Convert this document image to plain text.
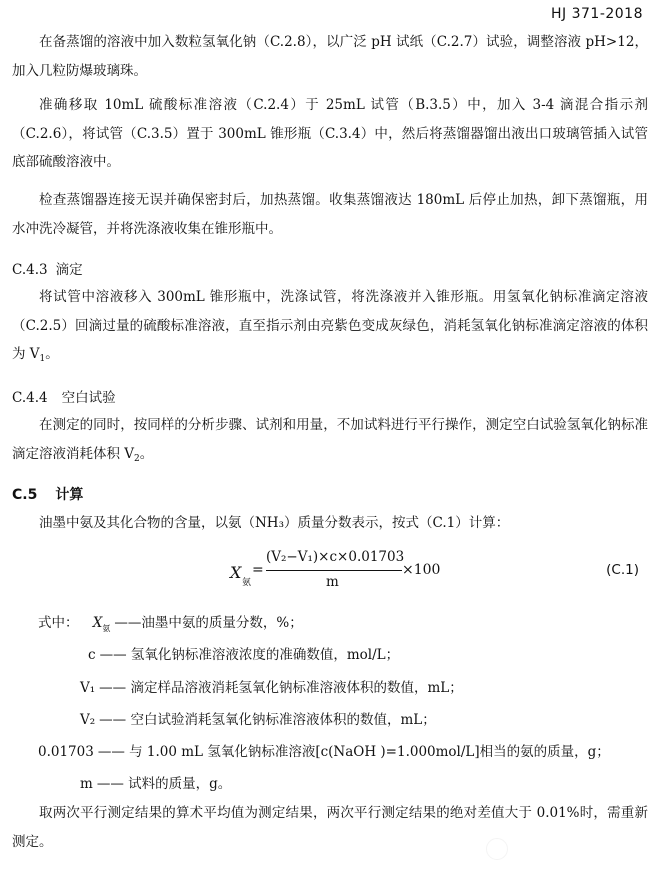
HJ 371-2018
在备蒸馏的溶液中加入数粒氢氧化钠（C.2.8），以广泛 pH 试纸（C.2.7）试验，调整溶液 pH>12，加入几粒防爆玻璃珠。
准确移取 10mL 硫酸标准溶液（C.2.4）于 25mL 试管（B.3.5）中，加入 3-4 滴混合指示剂（C.2.6），将试管（C.3.5）置于 300mL 锥形瓶（C.3.4）中，然后将蒸馏器馏出液出口玻璃管插入试管底部硫酸溶液中。
检查蒸馏器连接无误并确保密封后，加热蒸馏。收集蒸馏液达 180mL 后停止加热，卸下蒸馏瓶，用水冲洗冷凝管，并将洗涤液收集在锥形瓶中。
C.4.3 滴定
将试管中溶液移入 300mL 锥形瓶中，洗涤试管，将洗涤液并入锥形瓶。用氢氧化钠标准滴定溶液（C.2.5）回滴过量的硫酸标准溶液，直至指示剂由亮紫色变成灰绿色，消耗氢氧化钠标准滴定溶液的体积为 $V_1$。
C.4.4 空白试验
在测定的同时，按同样的分析步骤、试剂和用量，不加试料进行平行操作，测定空白试验氢氧化钠标准滴定溶液消耗体积 $V_2$。
C.5 计算
油墨中氨及其化合物的含量，以氨（NH₃）质量分数表示，按式（C.1）计算：
X
氨
=
(V₂−V₁)×c×0.01703
m
×100	(C.1)
式中： $X_氨$ ——油墨中氨的质量分数，%；
c —— 氢氧化钠标准溶液浓度的准确数值，mol/L；
V₁ —— 滴定样品溶液消耗氢氧化钠标准溶液体积的数值，mL；
V₂ —— 空白试验消耗氢氧化钠标准溶液体积的数值，mL；
0.01703 —— 与 1.00 mL 氢氧化钠标准溶液[c(NaOH )=1.000mol/L]相当的氨的质量，g；
m —— 试料的质量，g。
取两次平行测定结果的算术平均值为测定结果，两次平行测定结果的绝对差值大于 0.01%时，需重新测定。
